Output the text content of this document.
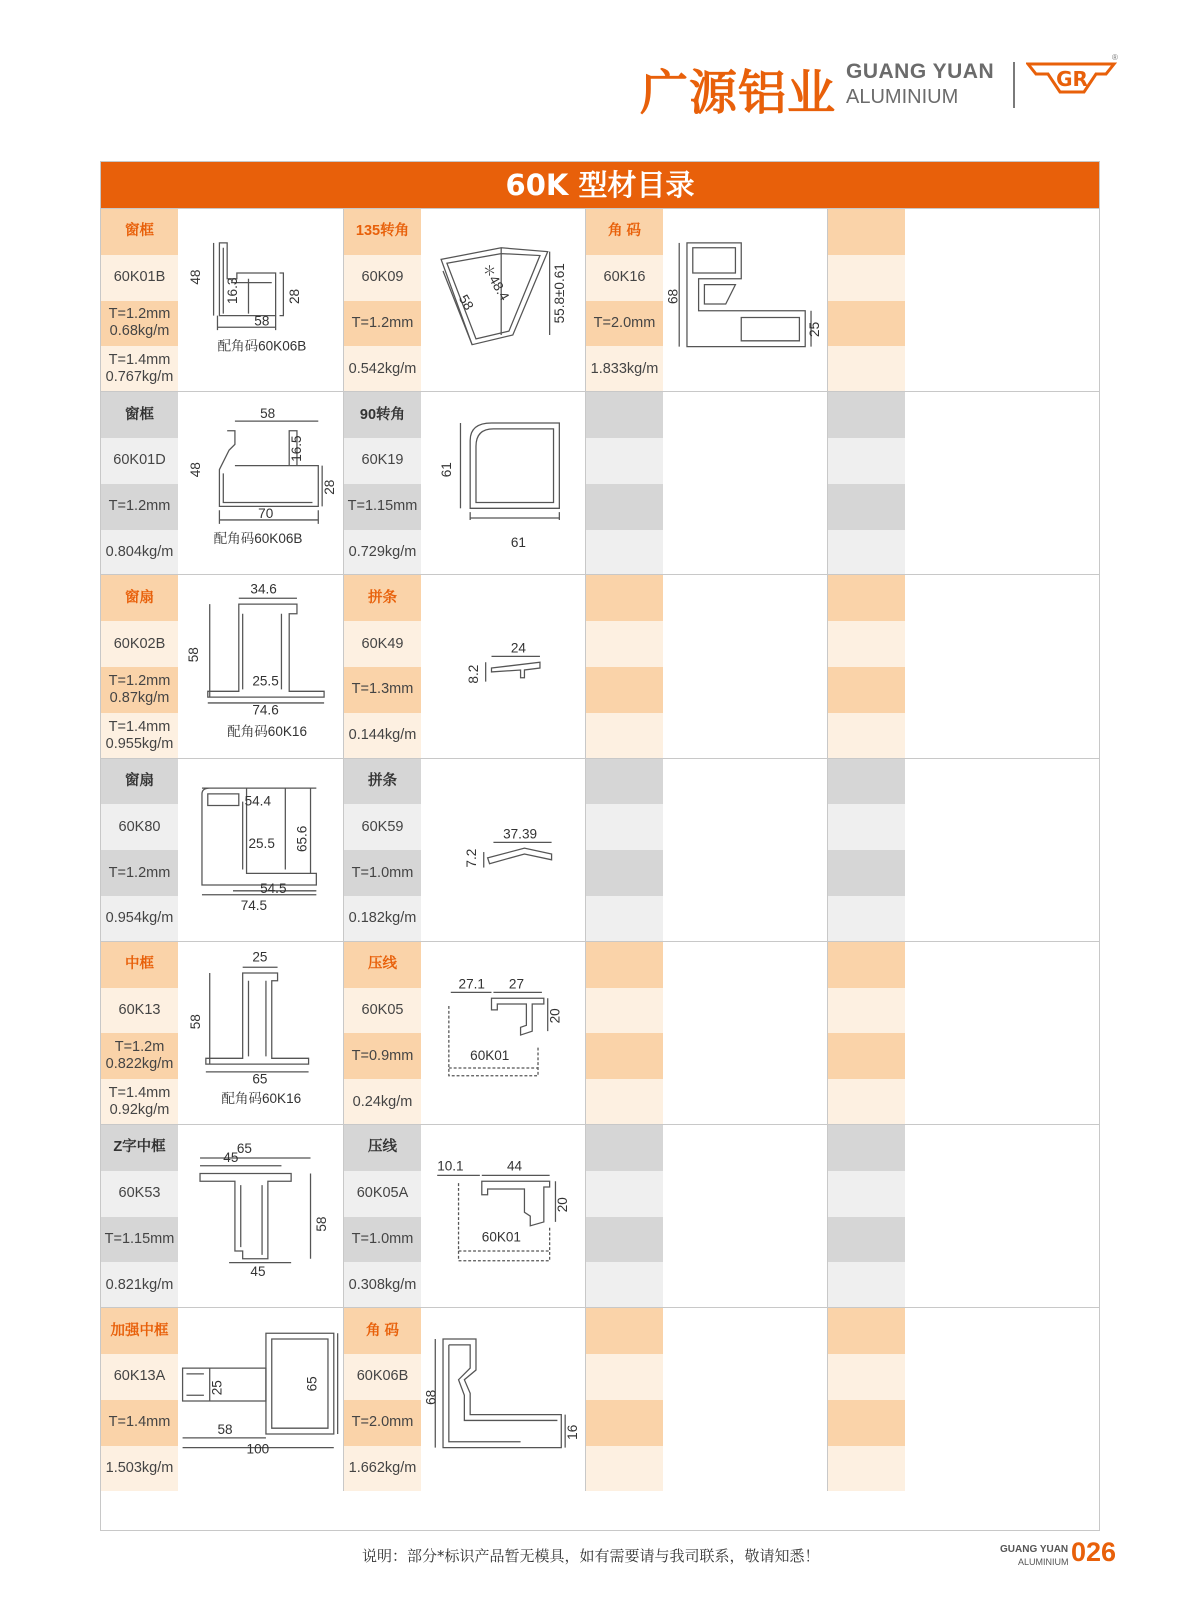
广源铝业 GUANG YUAN
ALUMINIUM
GR
®
60K 型材目录
窗框
60K01B
T=1.2mm
0.68kg/m
T=1.4mm
0.767kg/m
48
16.3	28
58
配角码60K06B
135转角
60K09
T=1.2mm
0.542kg/m
＊48.4
58	55.8±0.61
角 码
60K16
T=2.0mm
1.833kg/m
68
25
窗框
60K01D
T=1.2mm
0.804kg/m
58
48
16.5
28
70
配角码60K06B
90转角
60K19
T=1.15mm
0.729kg/m
61
61
窗扇
60K02B
T=1.2mm
0.87kg/m
T=1.4mm
0.955kg/m
34.6
58
25.5
74.6
配角码60K16
拼条
60K49
T=1.3mm
0.144kg/m
24
8.2
窗扇
60K80
T=1.2mm
0.954kg/m
54.4
65.6
25.5
54.5
74.5
拼条
60K59
T=1.0mm
0.182kg/m
37.39
7.2
中框
60K13
T=1.2m
0.822kg/m
T=1.4mm
0.92kg/m
25
58
65
配角码60K16
压线
60K05
T=0.9mm
0.24kg/m
27.1 27
20
60K01
Z字中框
60K53
T=1.15mm
0.821kg/m
65
45
58
45
压线
60K05A
T=1.0mm
0.308kg/m
10.1	44
20
60K01
加强中框
60K13A
T=1.4mm
1.503kg/m
25	65
58
100
角 码
60K06B
T=2.0mm
1.662kg/m
68
16
说明：部分*标识产品暂无模具，如有需要请与我司联系，敬请知悉！	GUANG YUAN
ALUMINIUM 026
